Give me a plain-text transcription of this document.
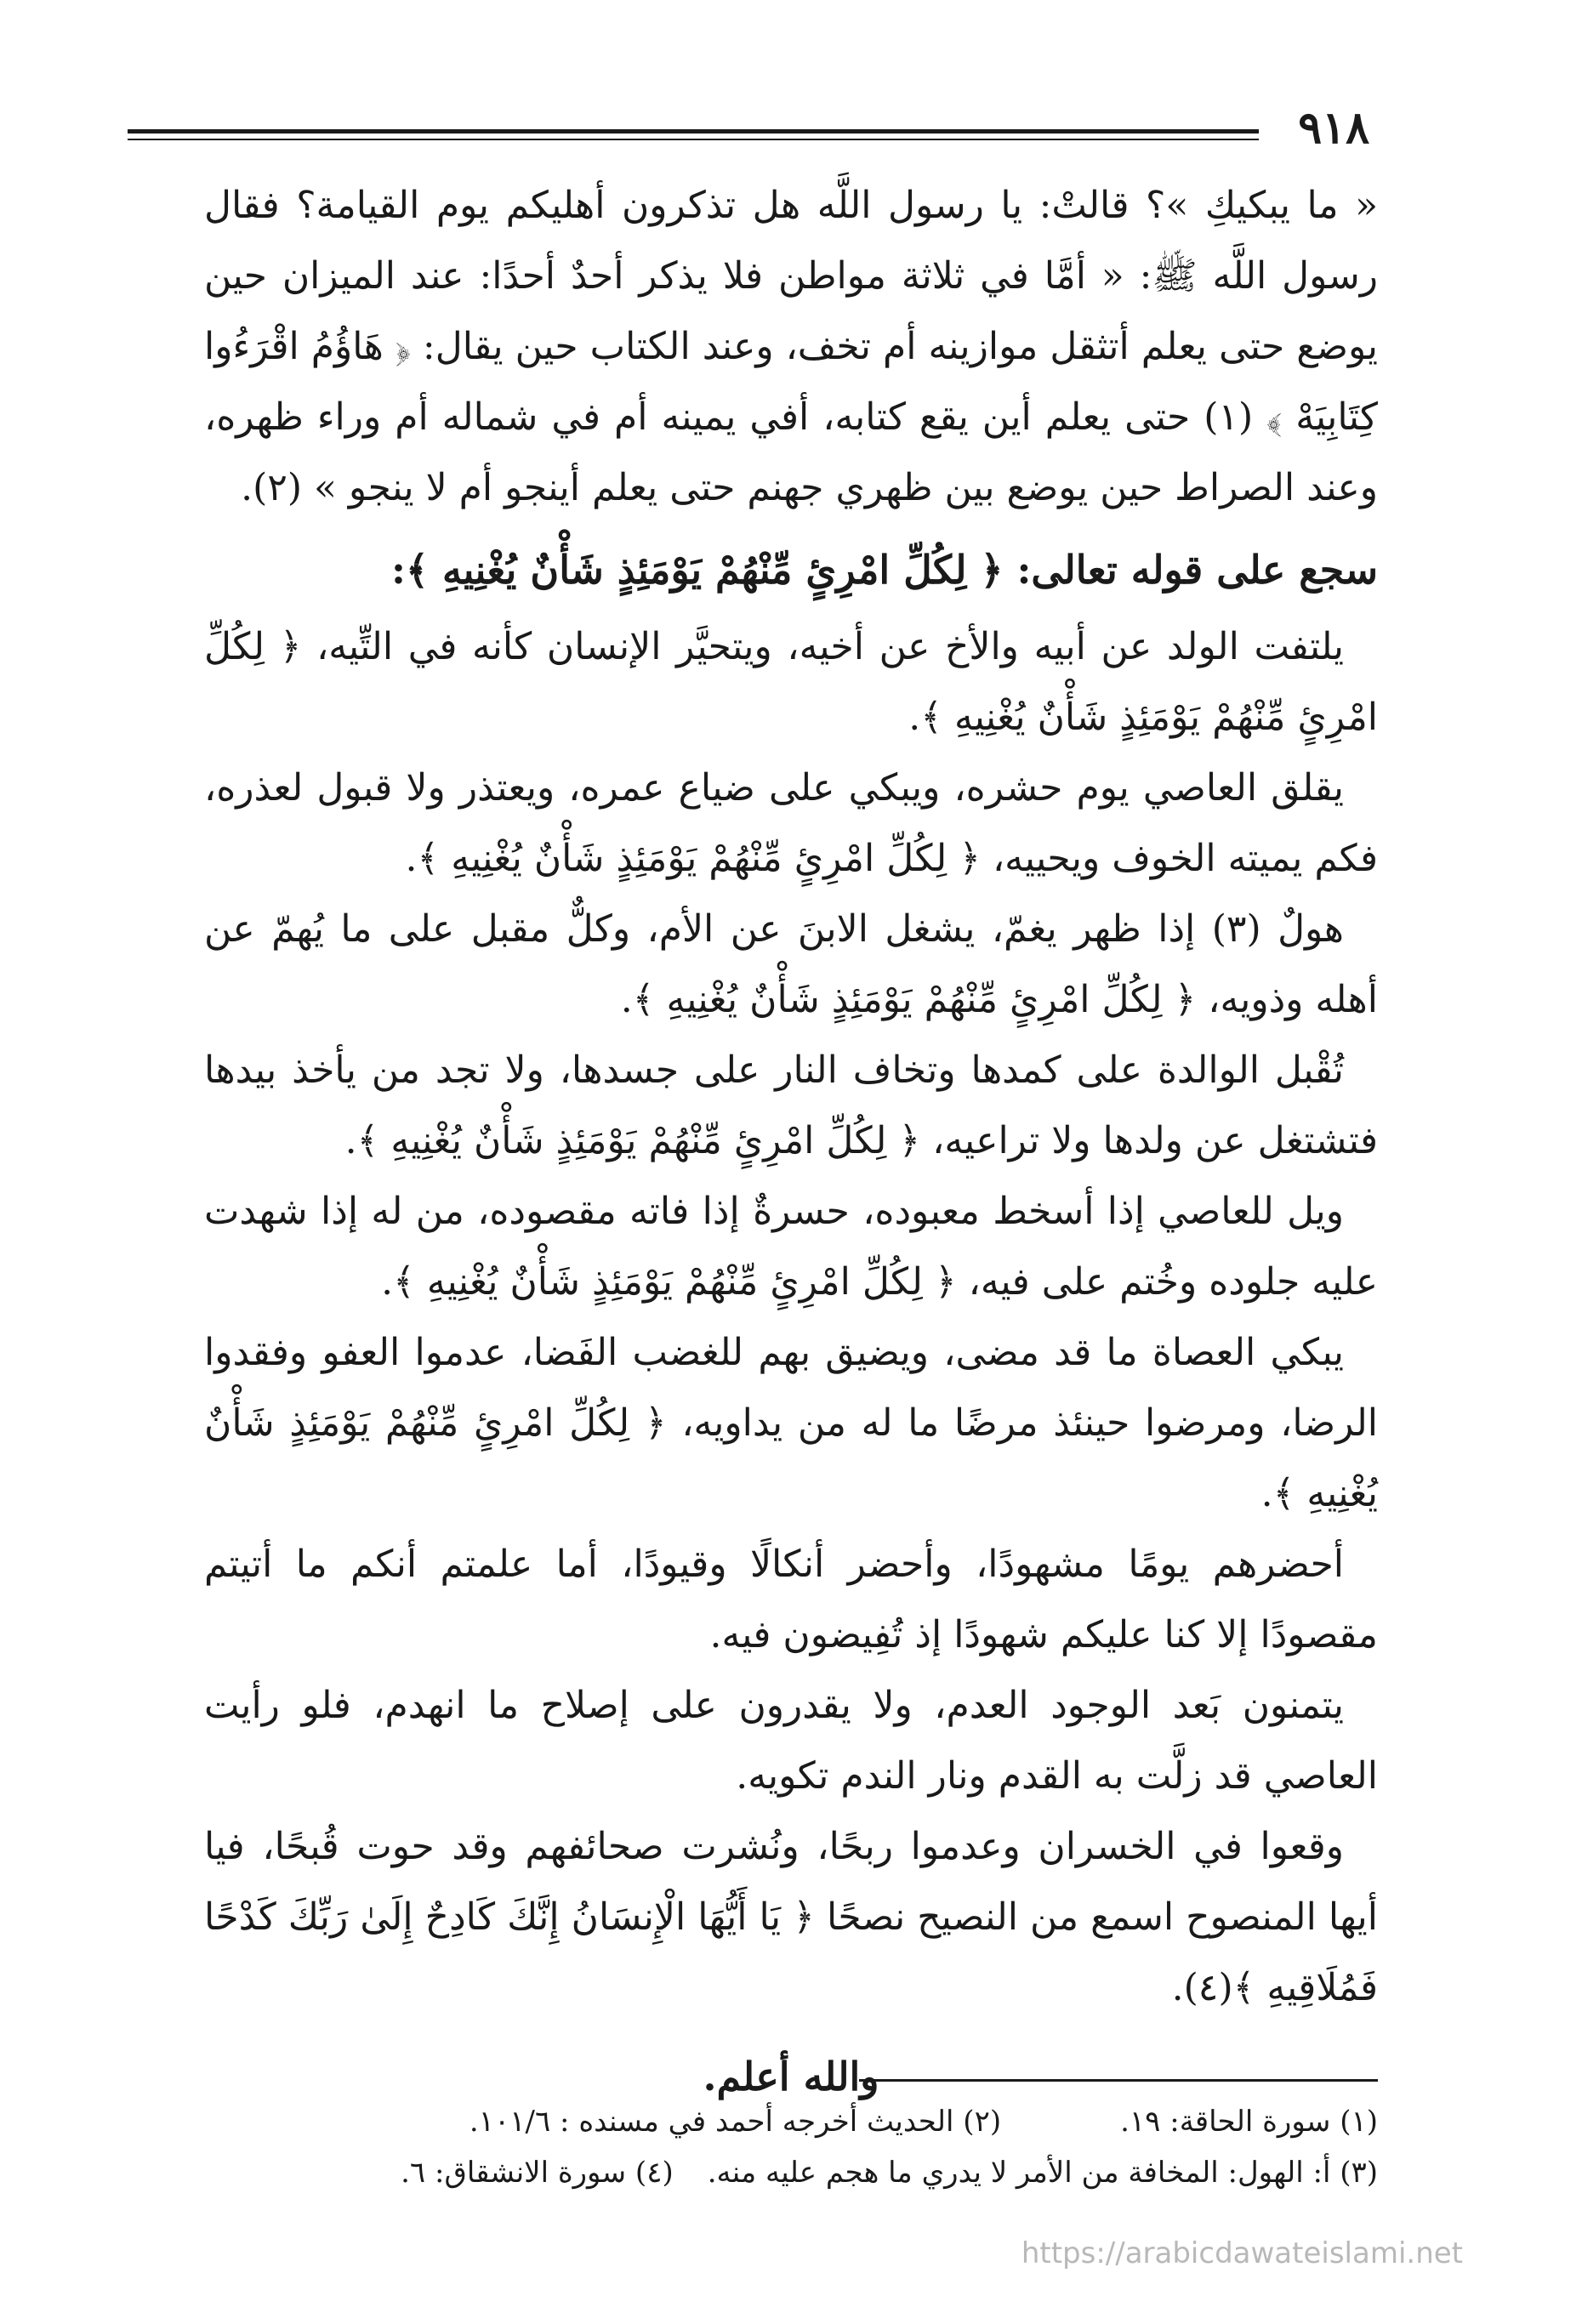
٩١٨

« ما يبكيكِ »؟ قالتْ: يا رسول اللَّه هل تذكرون أهليكم يوم القيامة؟ فقال رسول اللَّه ﷺ: « أمَّا في ثلاثة مواطن فلا يذكر أحدٌ أحدًا: عند الميزان حين يوضع حتى يعلم أتثقل موازينه أم تخف، وعند الكتاب حين يقال: ﴿ هَاؤُمُ اقْرَءُوا كِتَابِيَهْ ﴾ (١) حتى يعلم أين يقع كتابه، أفي يمينه أم في شماله أم وراء ظهره، وعند الصراط حين يوضع بين ظهري جهنم حتى يعلم أينجو أم لا ينجو » (٢).

سجع على قوله تعالى: ﴿ لِكُلِّ امْرِئٍ مِّنْهُمْ يَوْمَئِذٍ شَأْنٌ يُغْنِيهِ ﴾:

يلتفت الولد عن أبيه والأخ عن أخيه، ويتحيَّر الإنسان كأنه في التِّيه، ﴿ لِكُلِّ امْرِئٍ مِّنْهُمْ يَوْمَئِذٍ شَأْنٌ يُغْنِيهِ ﴾.

يقلق العاصي يوم حشره، ويبكي على ضياع عمره، ويعتذر ولا قبول لعذره، فكم يميته الخوف ويحييه، ﴿ لِكُلِّ امْرِئٍ مِّنْهُمْ يَوْمَئِذٍ شَأْنٌ يُغْنِيهِ ﴾.

هولٌ (٣) إذا ظهر يغمّ، يشغل الابنَ عن الأم، وكلٌّ مقبل على ما يُهمّ عن أهله وذويه، ﴿ لِكُلِّ امْرِئٍ مِّنْهُمْ يَوْمَئِذٍ شَأْنٌ يُغْنِيهِ ﴾.

تُقْبل الوالدة على كمدها وتخاف النار على جسدها، ولا تجد من يأخذ بيدها فتشتغل عن ولدها ولا تراعيه، ﴿ لِكُلِّ امْرِئٍ مِّنْهُمْ يَوْمَئِذٍ شَأْنٌ يُغْنِيهِ ﴾.

ويل للعاصي إذا أسخط معبوده، حسرةٌ إذا فاته مقصوده، من له إذا شهدت عليه جلوده وخُتم على فيه، ﴿ لِكُلِّ امْرِئٍ مِّنْهُمْ يَوْمَئِذٍ شَأْنٌ يُغْنِيهِ ﴾.

يبكي العصاة ما قد مضى، ويضيق بهم للغضب الفَضا، عدموا العفو وفقدوا الرضا، ومرضوا حينئذ مرضًا ما له من يداويه، ﴿ لِكُلِّ امْرِئٍ مِّنْهُمْ يَوْمَئِذٍ شَأْنٌ يُغْنِيهِ ﴾.

أحضرهم يومًا مشهودًا، وأحضر أنكالًا وقيودًا، أما علمتم أنكم ما أتيتم مقصودًا إلا كنا عليكم شهودًا إذ تُفِيضون فيه.

يتمنون بَعد الوجود العدم، ولا يقدرون على إصلاح ما انهدم، فلو رأيت العاصي قد زلَّت به القدم ونار الندم تكويه.

وقعوا في الخسران وعدموا ربحًا، ونُشرت صحائفهم وقد حوت قُبحًا، فيا أيها المنصوح اسمع من النصيح نصحًا ﴿ يَا أَيُّهَا الْإِنسَانُ إِنَّكَ كَادِحٌ إِلَىٰ رَبِّكَ كَدْحًا فَمُلَاقِيهِ ﴾(٤).

والله أعلم.
(١) سورة الحاقة: ١٩.
(٢) الحديث أخرجه أحمد في مسنده : ١٠١/٦.
(٣) أ: الهول: المخافة من الأمر لا يدري ما هجم عليه منه.
(٤) سورة الانشقاق: ٦.
https://arabicdawateislami.net
